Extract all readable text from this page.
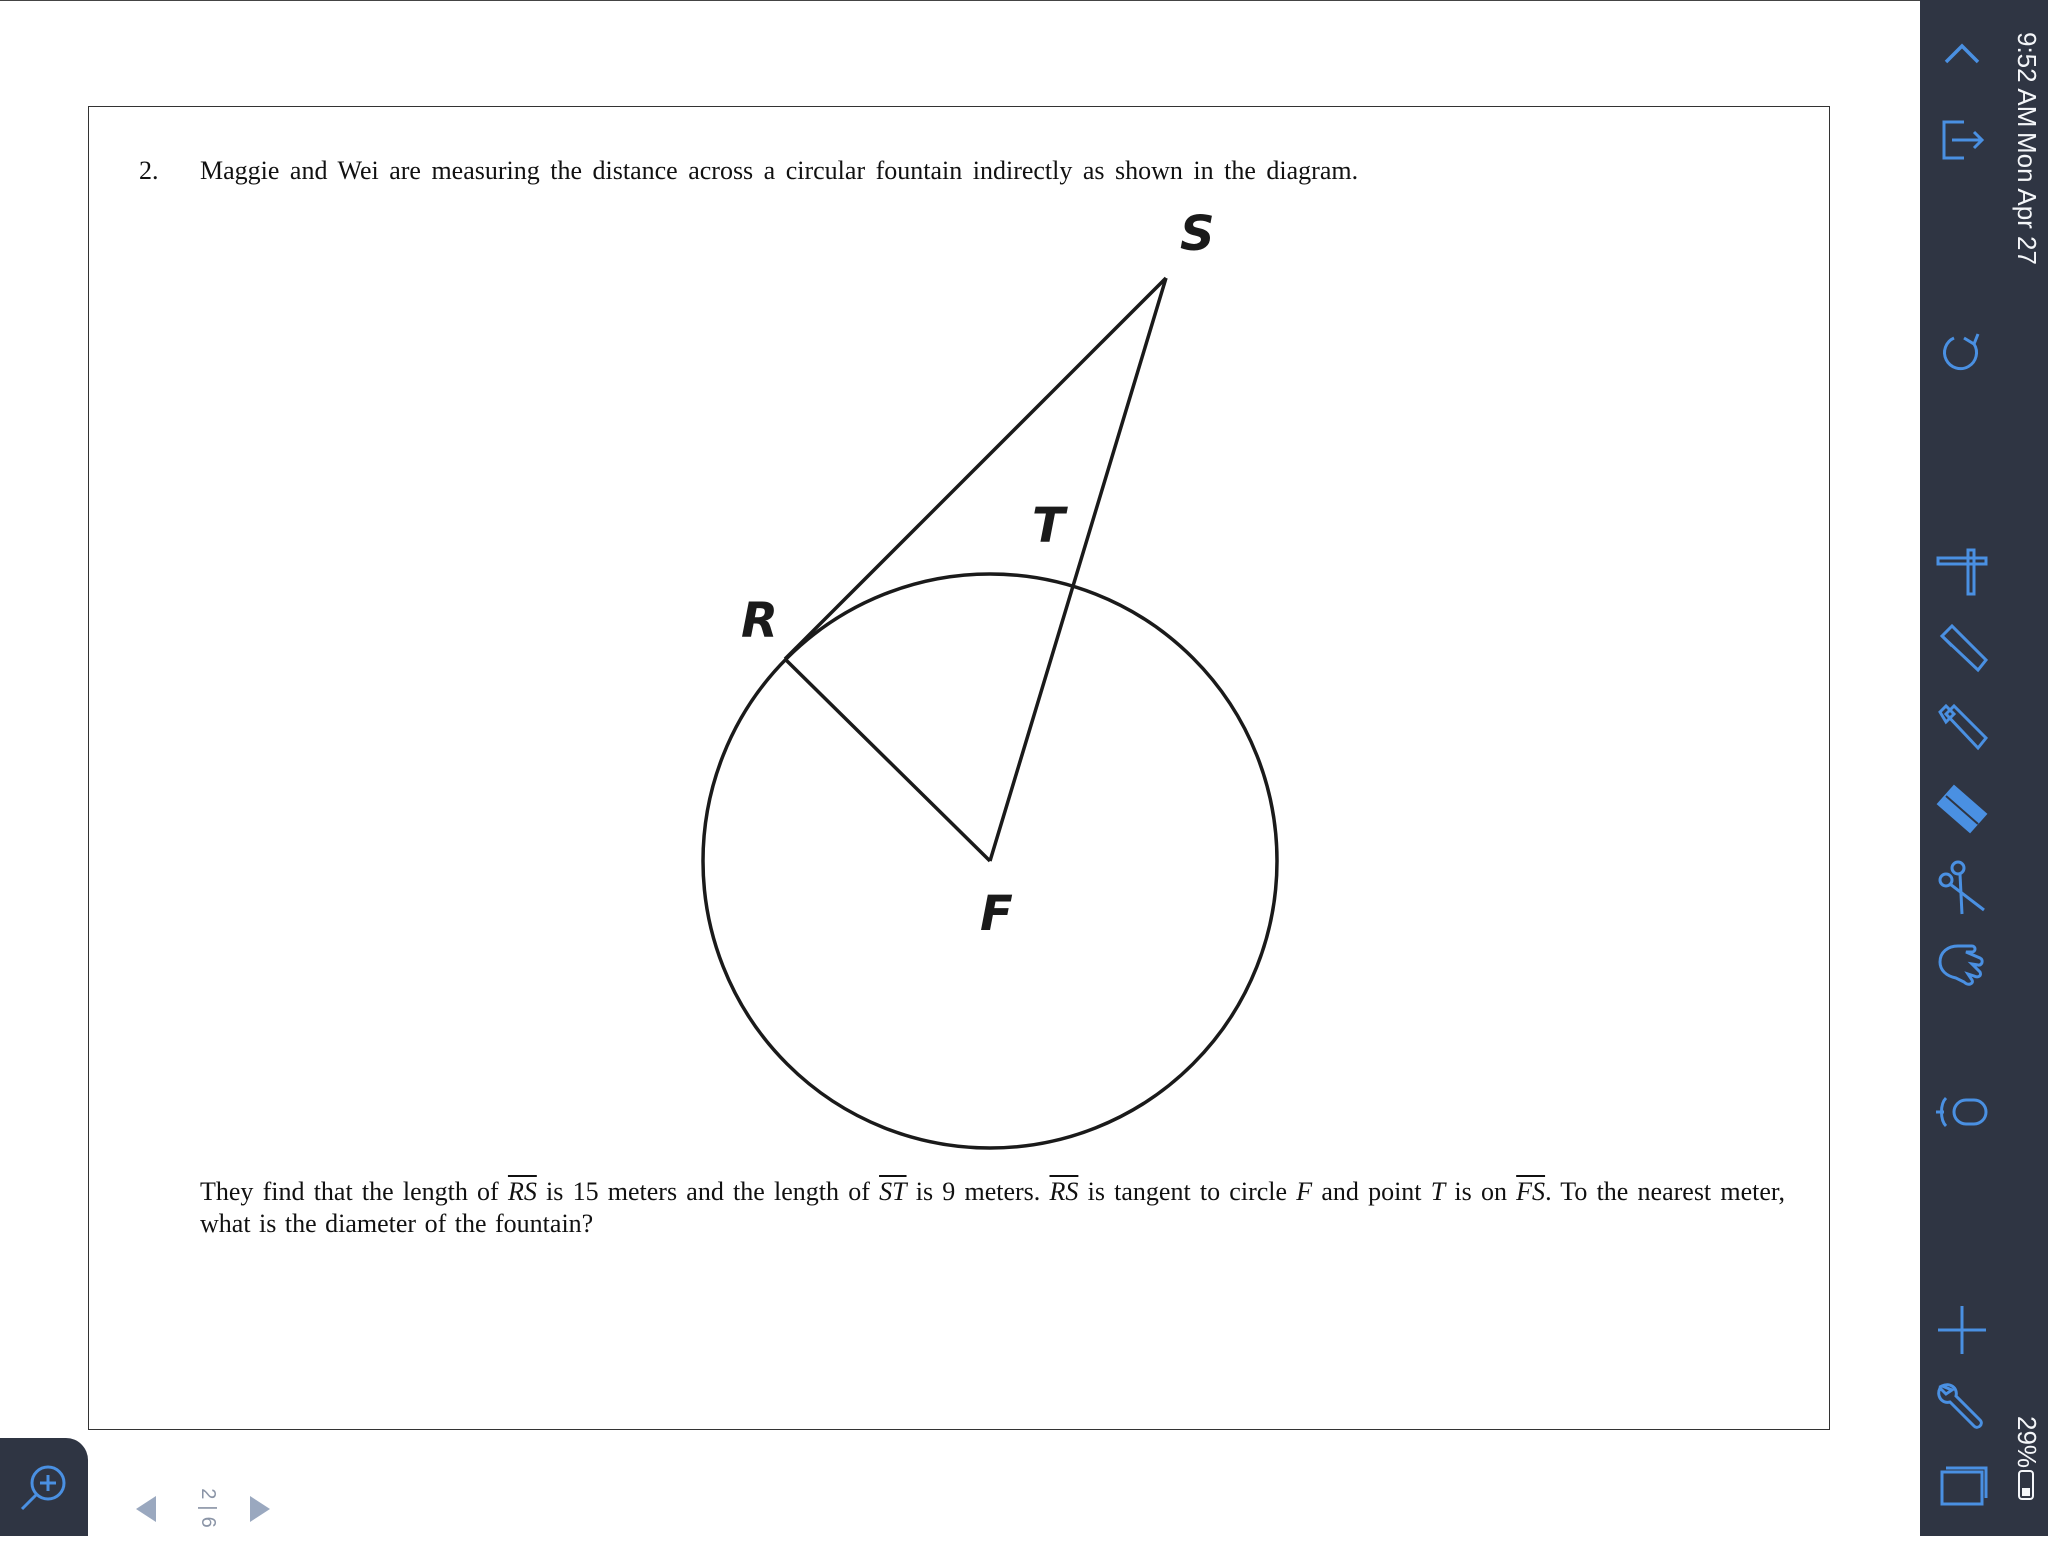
2. Maggie and Wei are measuring the distance across a circular fountain indirectly as shown in the diagram.
S
T
R
F
They find that the length of $\overline{RS}$ is 15 meters and the length of $\overline{ST}$ is 9 meters. $\overline{RS}$ is tangent to circle F and point T is on $\overline{FS}$. To the nearest meter, what is the diameter of the fountain?
9:52 AM
Mon Apr 27
29%
2
|
6
